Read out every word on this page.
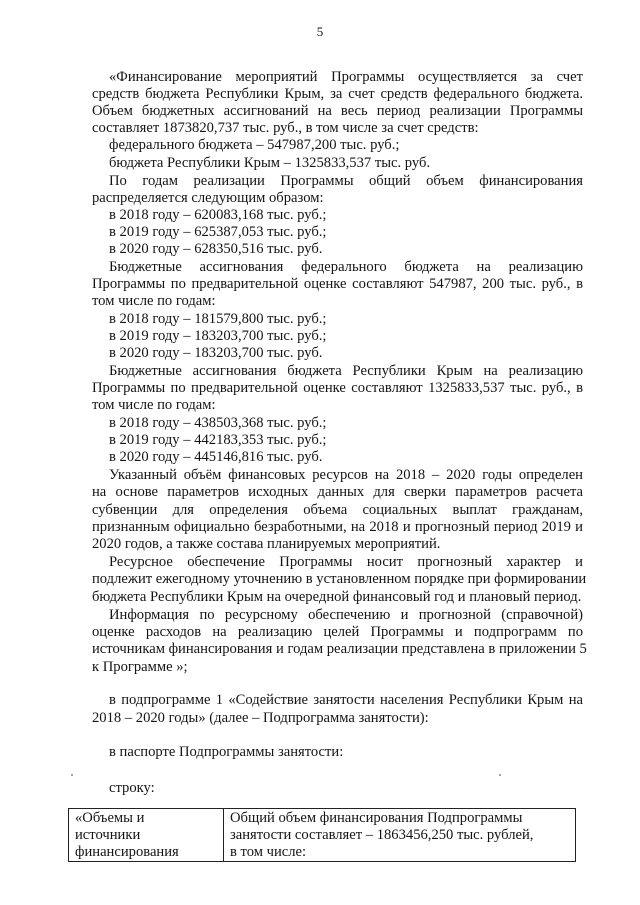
5
«Финансирование мероприятий Программы осуществляется за счет
средств бюджета Республики Крым, за счет средств федерального бюджета.
Объем бюджетных ассигнований на весь период реализации Программы
составляет 1873820,737 тыс. руб., в том числе за счет средств:
федерального бюджета – 547987,200 тыс. руб.;
бюджета Республики Крым – 1325833,537 тыс. руб.
По годам реализации Программы общий объем финансирования
распределяется следующим образом:
в 2018 году – 620083,168 тыс. руб.;
в 2019 году – 625387,053 тыс. руб.;
в 2020 году – 628350,516 тыс. руб.
Бюджетные ассигнования федерального бюджета на реализацию
Программы по предварительной оценке составляют 547987, 200 тыс. руб., в
том числе по годам:
в 2018 году – 181579,800 тыс. руб.;
в 2019 году – 183203,700 тыс. руб.;
в 2020 году – 183203,700 тыс. руб.
Бюджетные ассигнования бюджета Республики Крым на реализацию
Программы по предварительной оценке составляют 1325833,537 тыс. руб., в
том числе по годам:
в 2018 году – 438503,368 тыс. руб.;
в 2019 году – 442183,353 тыс. руб.;
в 2020 году – 445146,816 тыс. руб.
Указанный объём финансовых ресурсов на 2018 – 2020 годы определен
на основе параметров исходных данных для сверки параметров расчета
субвенции для определения объема социальных выплат гражданам,
признанным официально безработными, на 2018 и прогнозный период 2019 и
2020 годов, а также состава планируемых мероприятий.
Ресурсное обеспечение Программы носит прогнозный характер и
подлежит ежегодному уточнению в установленном порядке при формировании
бюджета Республики Крым на очередной финансовый год и плановый период.
Информация по ресурсному обеспечению и прогнозной (справочной)
оценке расходов на реализацию целей Программы и подпрограмм по
источникам финансирования и годам реализации представлена в приложении 5
к Программе »;
в подпрограмме 1 «Содействие занятости населения Республики Крым на
2018 – 2020 годы» (далее – Подпрограмма занятости):
в паспорте Подпрограммы занятости:
строку:
«Объемы и
источники
финансирования

Общий объем финансирования Подпрограммы
занятости составляет – 1863456,250 тыс. рублей,
в том числе:
